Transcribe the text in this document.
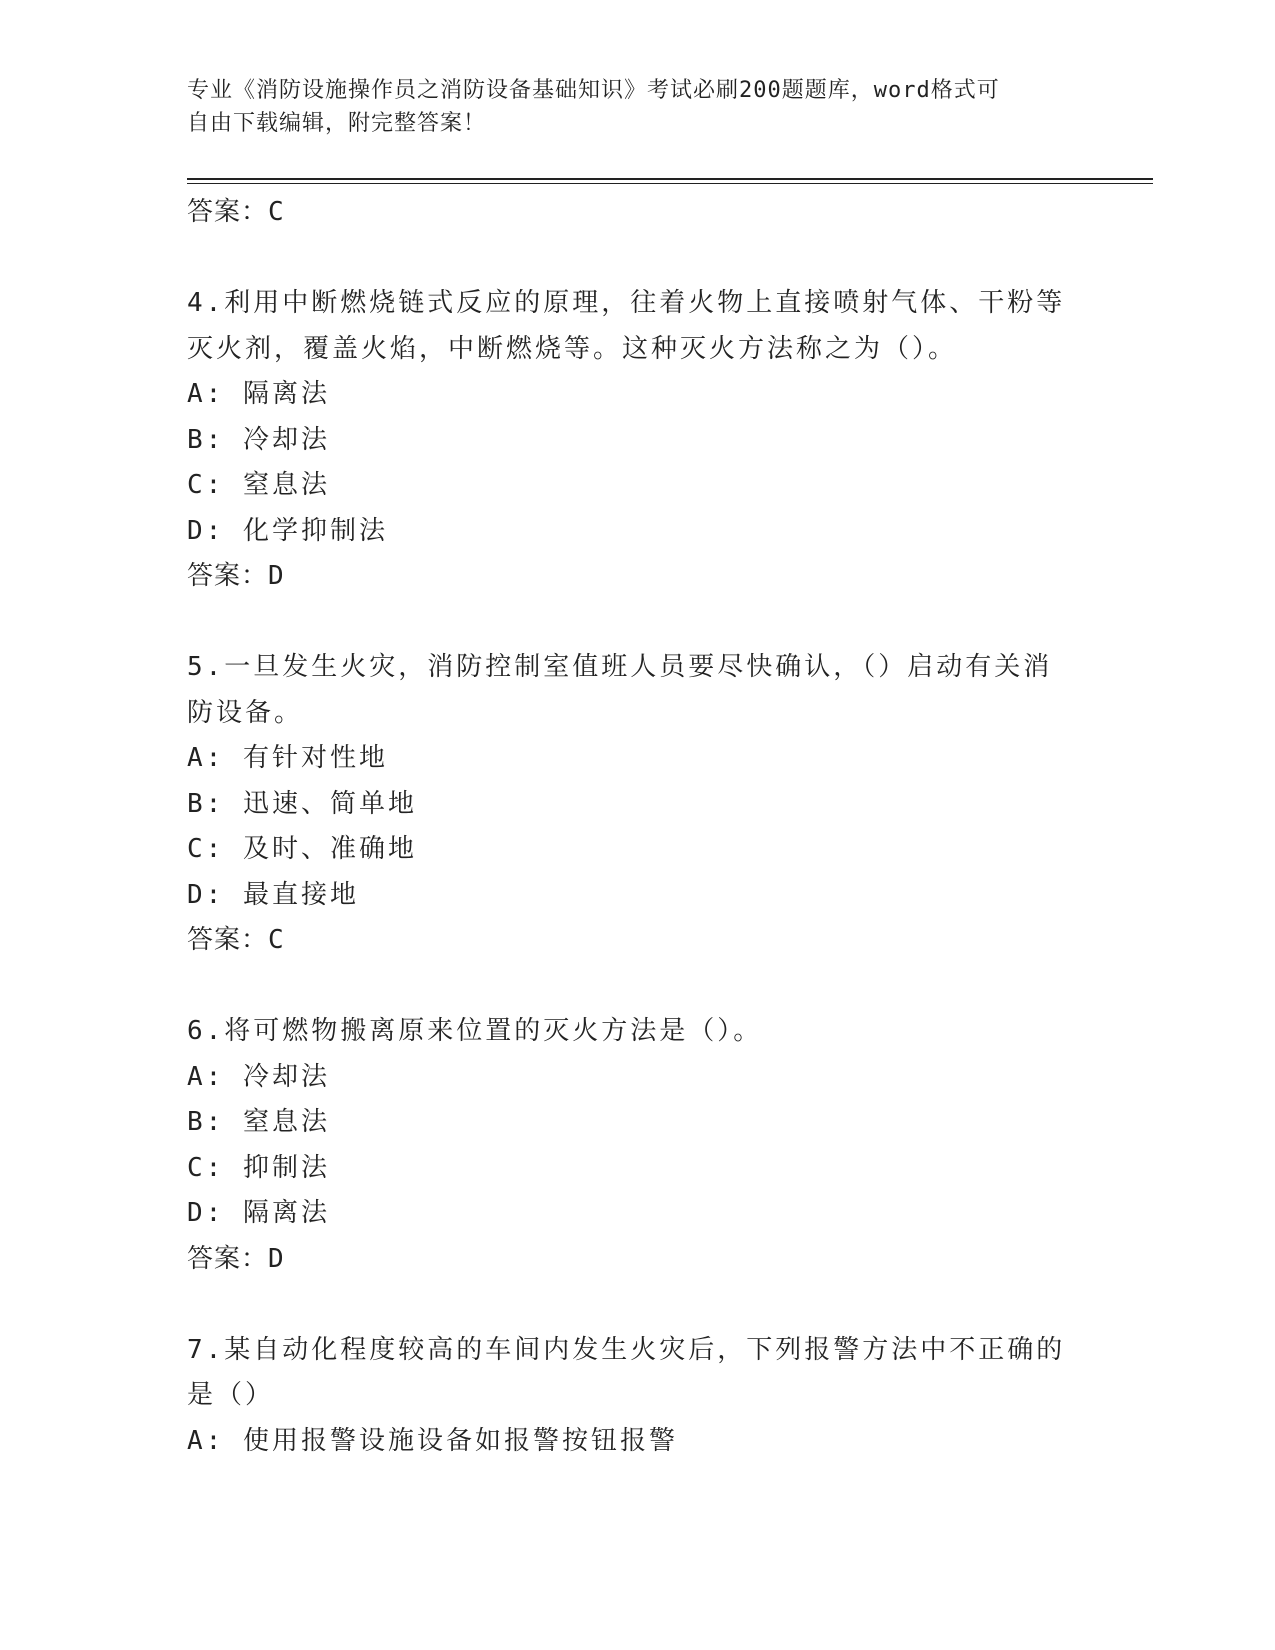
专业《消防设施操作员之消防设备基础知识》考试必刷200题题库，word格式可
自由下载编辑，附完整答案！
答案：C
4.利用中断燃烧链式反应的原理，往着火物上直接喷射气体、干粉等
灭火剂，覆盖火焰，中断燃烧等。这种灭火方法称之为（）。
A: 隔离法
B: 冷却法
C: 窒息法
D: 化学抑制法
答案：D
5.一旦发生火灾，消防控制室值班人员要尽快确认，（）启动有关消
防设备。
A: 有针对性地
B: 迅速、简单地
C: 及时、准确地
D: 最直接地
答案：C
6.将可燃物搬离原来位置的灭火方法是（）。
A: 冷却法
B: 窒息法
C: 抑制法
D: 隔离法
答案：D
7.某自动化程度较高的车间内发生火灾后，下列报警方法中不正确的
是（）
A: 使用报警设施设备如报警按钮报警
